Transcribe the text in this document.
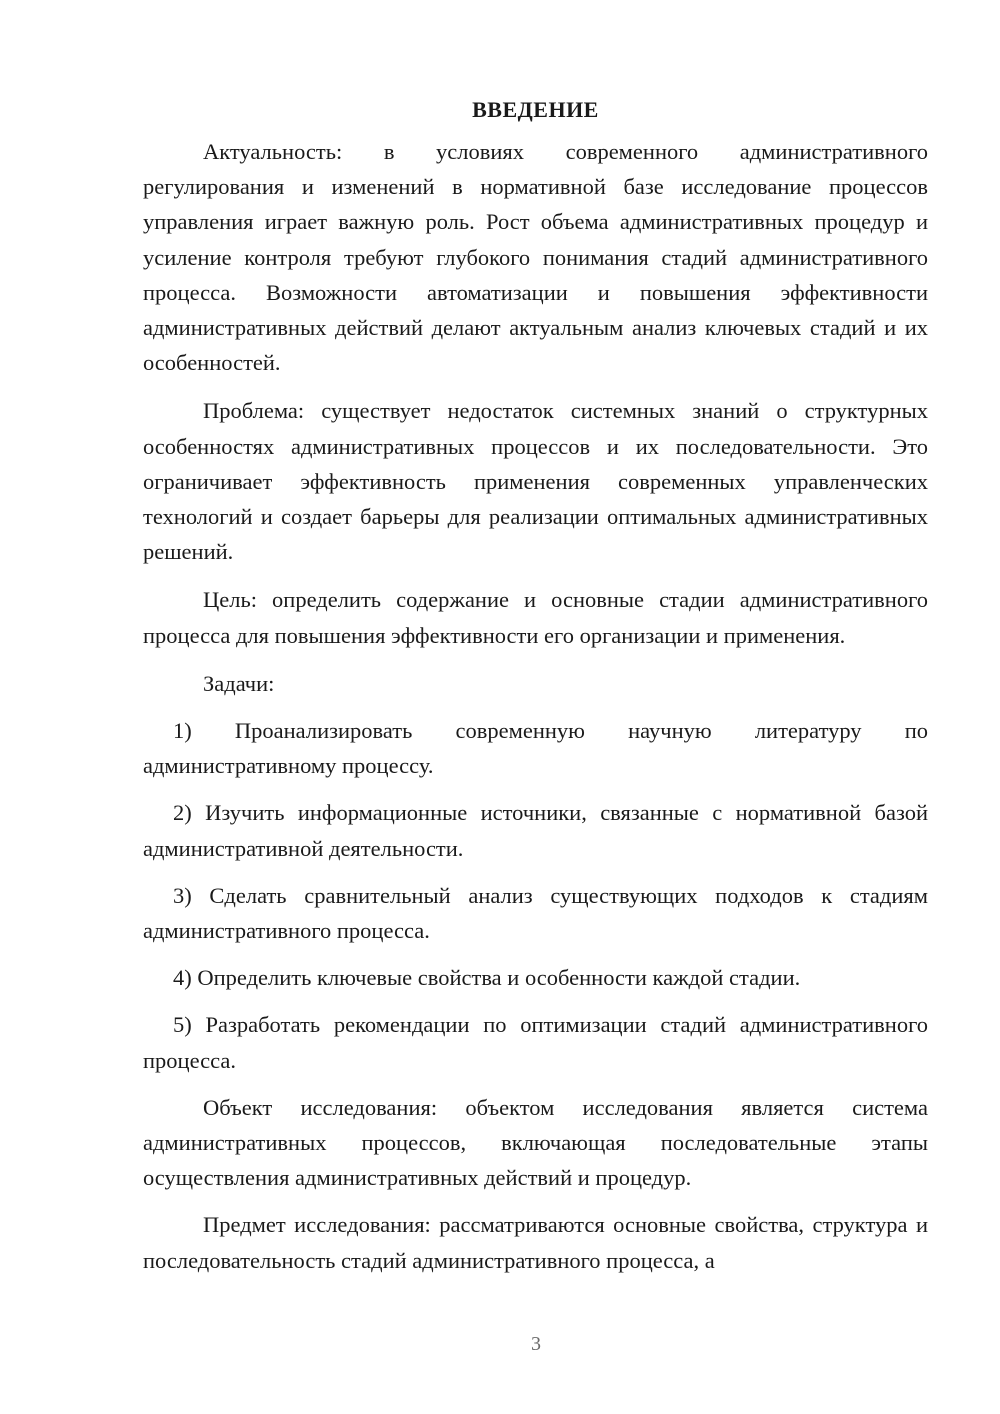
ВВЕДЕНИЕ

Актуальность: в условиях современного административного регулирования и изменений в нормативной базе исследование процессов управления играет важную роль. Рост объема административных процедур и усиление контроля требуют глубокого понимания стадий административного процесса. Возможности автоматизации и повышения эффективности административных действий делают актуальным анализ ключевых стадий и их особенностей.

Проблема: существует недостаток системных знаний о структурных особенностях административных процессов и их последовательности. Это ограничивает эффективность применения современных управленческих технологий и создает барьеры для реализации оптимальных административных решений.

Цель: определить содержание и основные стадии административного процесса для повышения эффективности его организации и применения.

Задачи:

1) Проанализировать современную научную литературу по административному процессу.

2) Изучить информационные источники, связанные с нормативной базой административной деятельности.

3) Сделать сравнительный анализ существующих подходов к стадиям административного процесса.

4) Определить ключевые свойства и особенности каждой стадии.

5) Разработать рекомендации по оптимизации стадий административного процесса.

Объект исследования: объектом исследования является система административных процессов, включающая последовательные этапы осуществления административных действий и процедур.

Предмет исследования: рассматриваются основные свойства, структура и последовательность стадий административного процесса, а

3
